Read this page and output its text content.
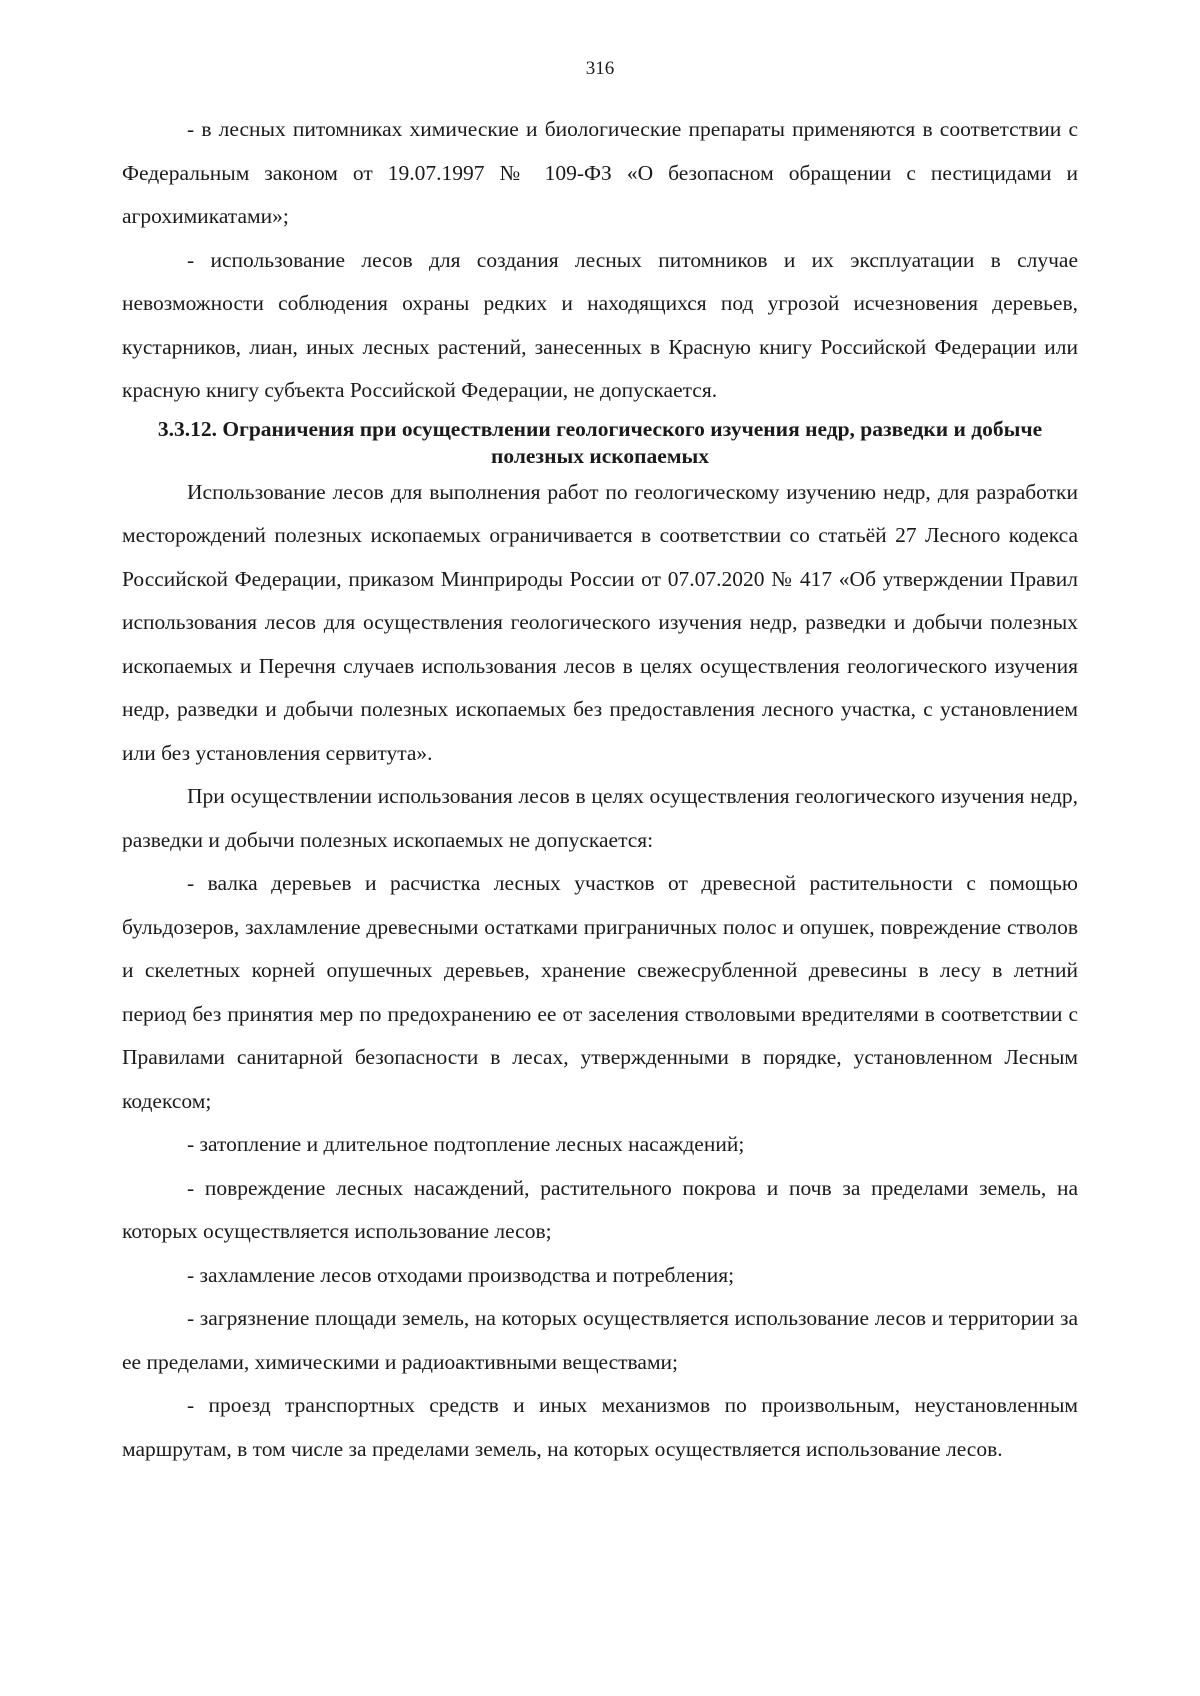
316

- в лесных питомниках химические и биологические препараты применяются в соответствии с Федеральным законом от 19.07.1997 № 109-ФЗ «О безопасном обращении с пестицидами и агрохимикатами»;

- использование лесов для создания лесных питомников и их эксплуатации в случае невозможности соблюдения охраны редких и находящихся под угрозой исчезновения деревьев, кустарников, лиан, иных лесных растений, занесенных в Красную книгу Российской Федерации или красную книгу субъекта Российской Федерации, не допускается.

3.3.12. Ограничения при осуществлении геологического изучения недр, разведки и добыче полезных ископаемых

Использование лесов для выполнения работ по геологическому изучению недр, для разработки месторождений полезных ископаемых ограничивается в соответствии со статьёй 27 Лесного кодекса Российской Федерации, приказом Минприроды России от 07.07.2020 № 417 «Об утверждении Правил использования лесов для осуществления геологического изучения недр, разведки и добычи полезных ископаемых и Перечня случаев использования лесов в целях осуществления геологического изучения недр, разведки и добычи полезных ископаемых без предоставления лесного участка, с установлением или без установления сервитута».

При осуществлении использования лесов в целях осуществления геологического изучения недр, разведки и добычи полезных ископаемых не допускается:

- валка деревьев и расчистка лесных участков от древесной растительности с помощью бульдозеров, захламление древесными остатками приграничных полос и опушек, повреждение стволов и скелетных корней опушечных деревьев, хранение свежесрубленной древесины в лесу в летний период без принятия мер по предохранению ее от заселения стволовыми вредителями в соответствии с Правилами санитарной безопасности в лесах, утвержденными в порядке, установленном Лесным кодексом;

- затопление и длительное подтопление лесных насаждений;

- повреждение лесных насаждений, растительного покрова и почв за пределами земель, на которых осуществляется использование лесов;

- захламление лесов отходами производства и потребления;

- загрязнение площади земель, на которых осуществляется использование лесов и территории за ее пределами, химическими и радиоактивными веществами;

- проезд транспортных средств и иных механизмов по произвольным, неустановленным маршрутам, в том числе за пределами земель, на которых осуществляется использование лесов.
